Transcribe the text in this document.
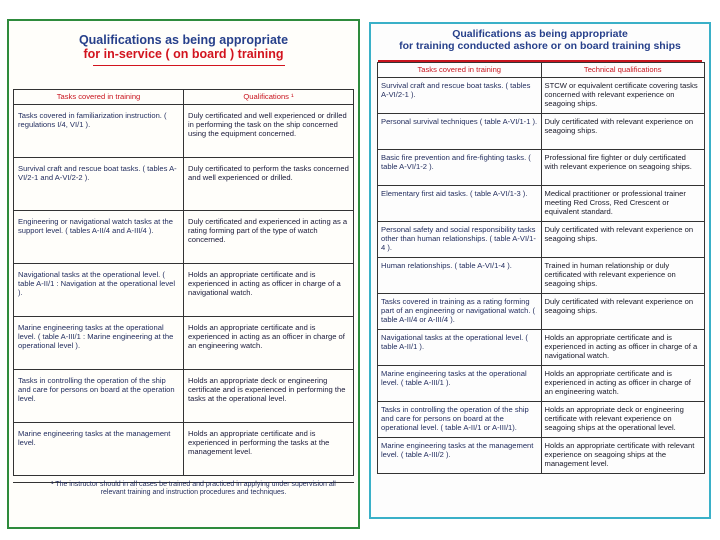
Qualifications as being appropriate
for in-service ( on board ) training
Tasks covered in training	Qualifications ¹
Tasks covered in familiarization instruction. ( regulations I/4, VI/1 ).	Duly certificated and well experienced or drilled in performing the task on the ship concerned using the equipment concerned.
Survival craft and rescue boat tasks. ( tables A-VI/2-1 and A-VI/2-2 ).	Duly certificated to perform the tasks concerned and well experienced or drilled.
Engineering or navigational watch tasks at the support level. ( tables A-II/4 and A-III/4 ).	Duly certificated and experienced in acting as a rating forming part of the type of watch concerned.
Navigational tasks at the operational level. ( table A-II/1 : Navigation at the operational level ).	Holds an appropriate certificate and is experienced in acting as officer in charge of a navigational watch.
Marine engineering tasks at the operational level. ( table A-III/1 : Marine engineering at the operational level ).	Holds an appropriate certificate and is experienced in acting as an officer in charge of an engineering watch.
Tasks in controlling the operation of the ship and care for persons on board at the operation level.	Holds an appropriate deck or engineering certificate and is experienced in performing the tasks at the operational level.
Marine engineering tasks at the management level.	Holds an appropriate certificate and is experienced in performing the tasks at the management level.
¹ The instructor should in all cases be trained and practiced in applying under supervision all relevant training and instruction procedures and techniques.
Qualifications as being appropriate
for training conducted ashore or on board training ships
Tasks covered in training	Technical qualifications
Survival craft and rescue boat tasks. ( tables A-VI/2-1 ).	STCW or equivalent certificate covering tasks concerned with relevant experience on seagoing ships.
Personal survival techniques ( table A-VI/1-1 ).	Duly certificated with relevant experience on seagoing ships.
Basic fire prevention and fire-fighting tasks. ( table A-VI/1-2 ).	Professional fire fighter or duly certificated with relevant experience on seagoing ships.
Elementary first aid tasks. ( table A-VI/1-3 ).	Medical practitioner or professional trainer meeting Red Cross, Red Crescent or equivalent standard.
Personal safety and social responsibility tasks other than human relationships. ( table A-VI/1-4 ).	Duly certificated with relevant experience on seagoing ships.
Human relationships. ( table A-VI/1-4 ).	Trained in human relationship or duly certificated with relevant experience on seagoing ships.
Tasks covered in training as a rating forming part of an engineering or navigational watch. ( table A-II/4 or A-III/4 ).	Duly certificated with relevant experience on seagoing ships.
Navigational tasks at the operational level. ( table A-II/1 ).	Holds an appropriate certificate and is experienced in acting as officer in charge of a navigational watch.
Marine engineering tasks at the operational level. ( table A-III/1 ).	Holds an appropriate certificate and is experienced in acting as officer in charge of an engineering watch.
Tasks in controlling the operation of the ship and care for persons on board at the operational level. ( table A-II/1 or A-III/1).	Holds an appropriate deck or engineering certificate with relevant experience on seagoing ships at the operational level.
Marine engineering tasks at the management level. ( table A-III/2 ).	Holds an appropriate certificate with relevant experience on seagoing ships at the management level.
